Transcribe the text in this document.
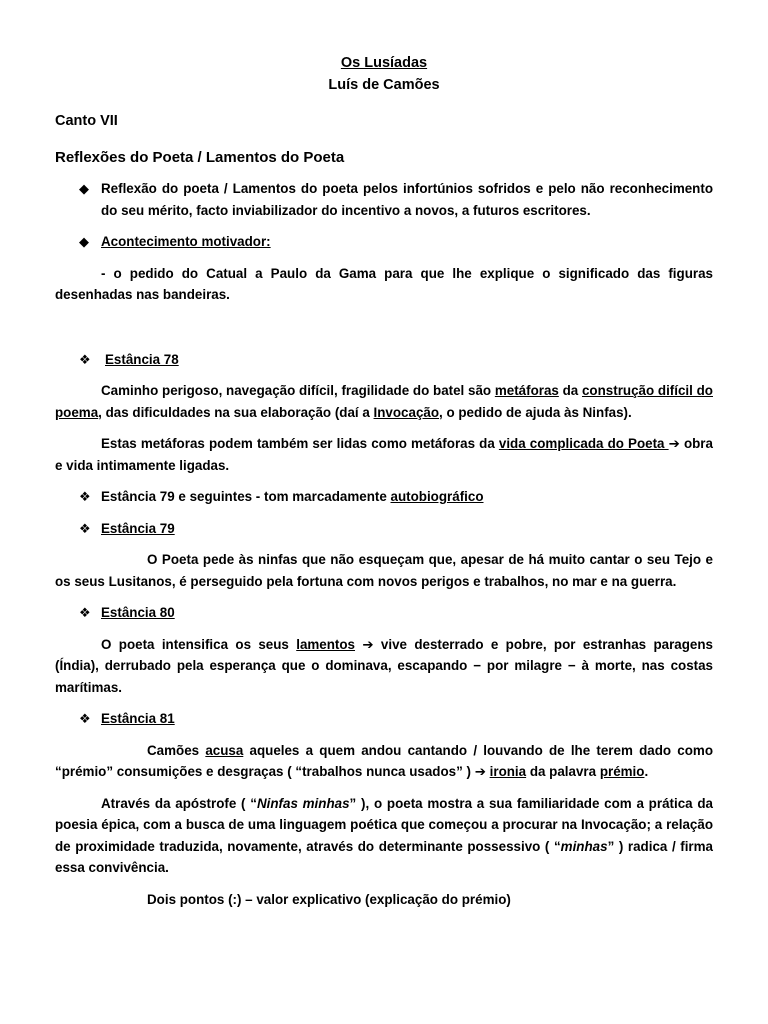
Os Lusíadas
Luís de Camões
Canto VII
Reflexões do Poeta / Lamentos do Poeta
◆ Reflexão do poeta / Lamentos do poeta pelos infortúnios sofridos e pelo não reconhecimento do seu mérito, facto inviabilizador do incentivo a novos, a futuros escritores.
◆ Acontecimento motivador:
- o pedido do Catual a Paulo da Gama para que lhe explique o significado das figuras desenhadas nas bandeiras.
❖ Estância 78
Caminho perigoso, navegação difícil, fragilidade do batel são metáforas da construção difícil do poema, das dificuldades na sua elaboração (daí a Invocação, o pedido de ajuda às Ninfas).
Estas metáforas podem também ser lidas como metáforas da vida complicada do Poeta ➔ obra e vida intimamente ligadas.
❖ Estância 79 e seguintes - tom marcadamente autobiográfico
❖ Estância 79
O Poeta pede às ninfas que não esqueçam que, apesar de há muito cantar o seu Tejo e os seus Lusitanos, é perseguido pela fortuna com novos perigos e trabalhos, no mar e na guerra.
❖ Estância 80
O poeta intensifica os seus lamentos ➔ vive desterrado e pobre, por estranhas paragens (Índia), derrubado pela esperança que o dominava, escapando − por milagre − à morte, nas costas marítimas.
❖ Estância 81
Camões acusa aqueles a quem andou cantando / louvando de lhe terem dado como “prémio” consumições e desgraças ( “trabalhos nunca usados” ) ➔ ironia da palavra prémio.
Através da apóstrofe ( “Ninfas minhas” ), o poeta mostra a sua familiaridade com a prática da poesia épica, com a busca de uma linguagem poética que começou a procurar na Invocação; a relação de proximidade traduzida, novamente, através do determinante possessivo ( “minhas” ) radica / firma essa convivência.
Dois pontos (:) – valor explicativo (explicação do prémio)
